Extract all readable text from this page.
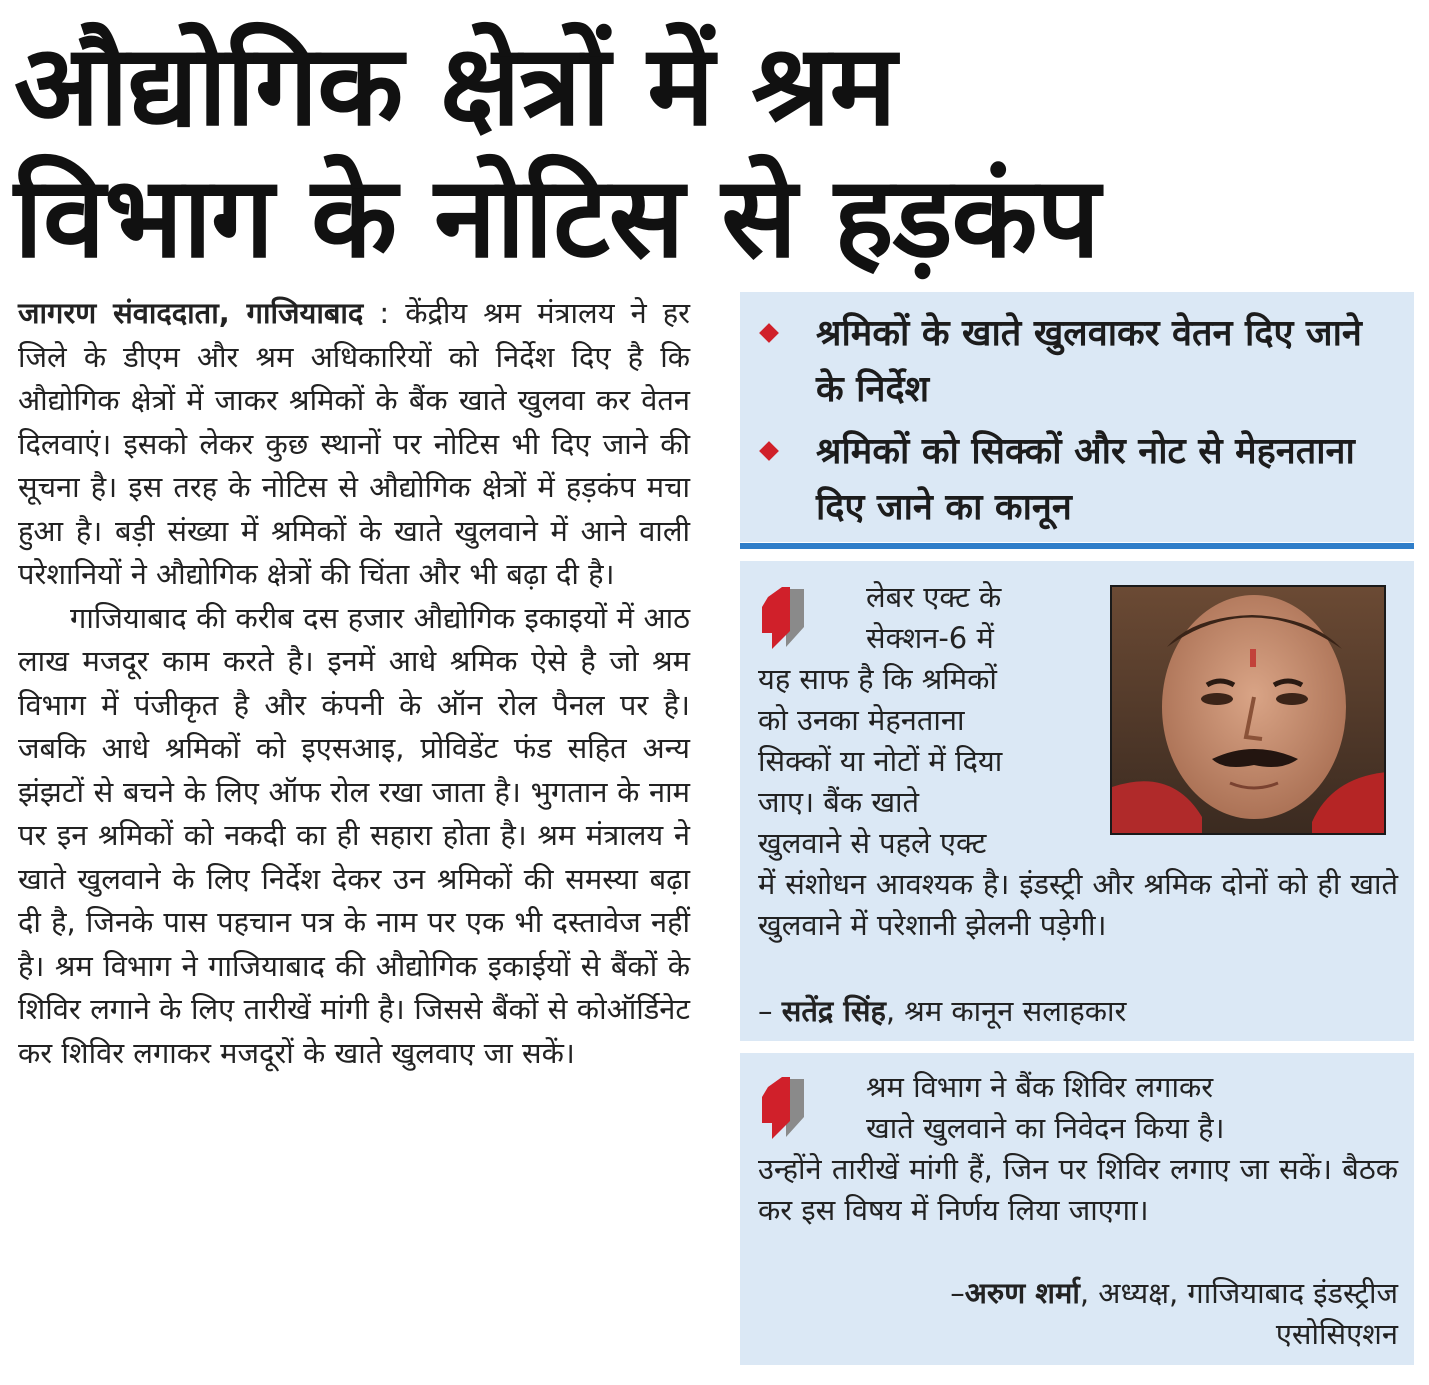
औद्योगिक क्षेत्रों में श्रम
विभाग के नोटिस से हड़कंप

जागरण संवाददाता, गाजियाबाद : केंद्रीय श्रम मंत्रालय ने हर जिले के डीएम और श्रम अधिकारियों को निर्देश दिए है कि औद्योगिक क्षेत्रों में जाकर श्रमिकों के बैंक खाते खुलवा कर वेतन दिलवाएं। इसको लेकर कुछ स्थानों पर नोटिस भी दिए जाने की सूचना है। इस तरह के नोटिस से औद्योगिक क्षेत्रों में हड़कंप मचा हुआ है। बड़ी संख्या में श्रमिकों के खाते खुलवाने में आने वाली परेशानियों ने औद्योगिक क्षेत्रों की चिंता और भी बढ़ा दी है।

गाजियाबाद की करीब दस हजार औद्योगिक इकाइयों में आठ लाख मजदूर काम करते है। इनमें आधे श्रमिक ऐसे है जो श्रम विभाग में पंजीकृत है और कंपनी के ऑन रोल पैनल पर है। जबकि आधे श्रमिकों को इएसआइ, प्रोविडेंट फंड सहित अन्य झंझटों से बचने के लिए ऑफ रोल रखा जाता है। भुगतान के नाम पर इन श्रमिकों को नकदी का ही सहारा होता है। श्रम मंत्रालय ने खाते खुलवाने के लिए निर्देश देकर उन श्रमिकों की समस्या बढ़ा दी है, जिनके पास पहचान पत्र के नाम पर एक भी दस्तावेज नहीं है। श्रम विभाग ने गाजियाबाद की औद्योगिक इकाईयों से बैंकों के शिविर लगाने के लिए तारीखें मांगी है। जिससे बैंकों से कोऑर्डिनेट कर शिविर लगाकर मजदूरों के खाते खुलवाए जा सकें।

श्रमिकों के खाते खुलवाकर वेतन दिए जाने के निर्देश
श्रमिकों को सिक्कों और नोट से मेहनताना दिए जाने का कानून
लेबर एक्ट के
सेक्शन-6 में
यह साफ है कि श्रमिकों
को उनका मेहनताना
सिक्कों या नोटों में दिया
जाए। बैंक खाते
खुलवाने से पहले एक्ट
में संशोधन आवश्यक है। इंडस्ट्री और श्रमिक दोनों को ही खाते खुलवाने में परेशानी झेलनी पड़ेगी।
– सतेंद्र सिंह, श्रम कानून सलाहकार
श्रम विभाग ने बैंक शिविर लगाकर
खाते खुलवाने का निवेदन किया है।
उन्होंने तारीखें मांगी हैं, जिन पर शिविर लगाए जा सकें। बैठक कर इस विषय में निर्णय लिया जाएगा।
–अरुण शर्मा, अध्यक्ष, गाजियाबाद इंडस्ट्रीज
एसोसिएशन
